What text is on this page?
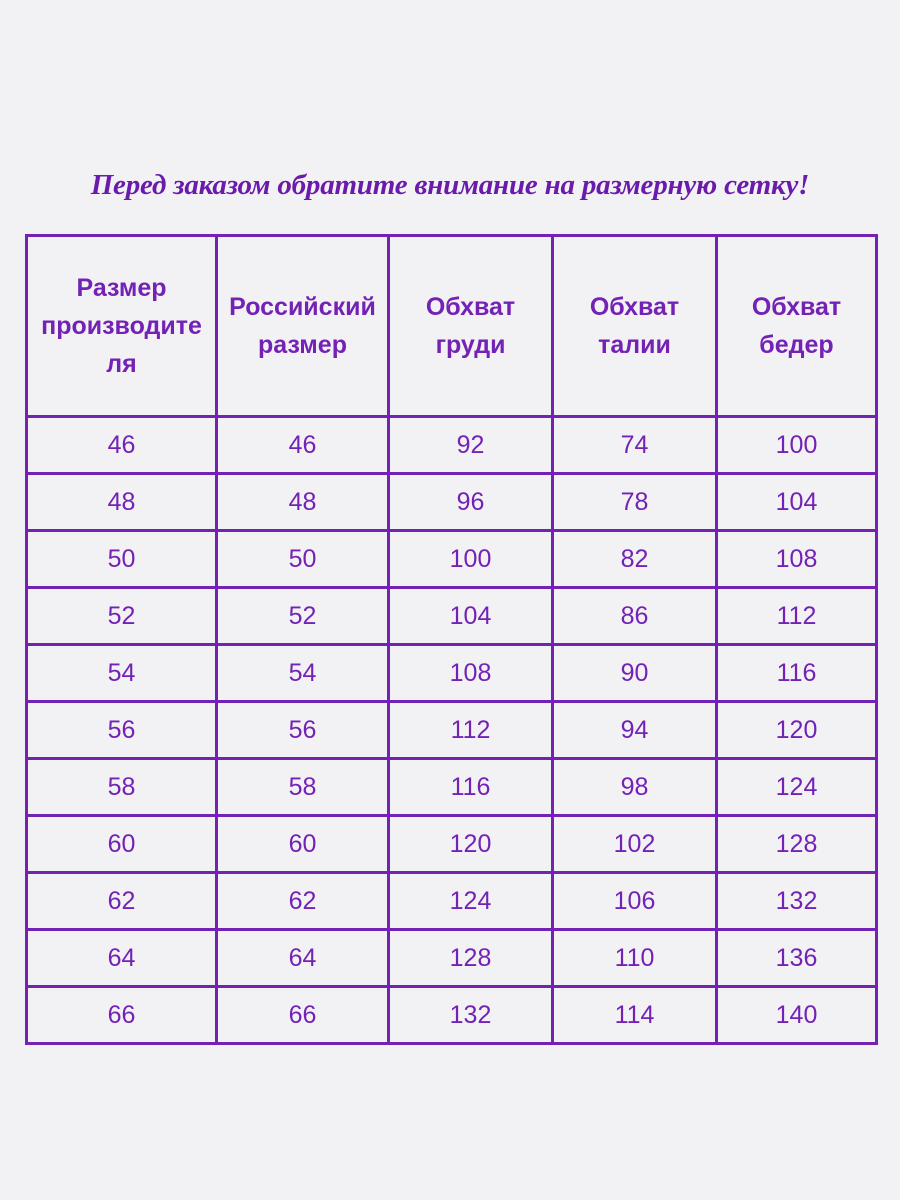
Перед заказом обратите внимание на размерную сетку!
Размер производителя	Российский размер	Обхват груди	Обхват талии	Обхват бедер
46	46	92	74	100
48	48	96	78	104
50	50	100	82	108
52	52	104	86	112
54	54	108	90	116
56	56	112	94	120
58	58	116	98	124
60	60	120	102	128
62	62	124	106	132
64	64	128	110	136
66	66	132	114	140
